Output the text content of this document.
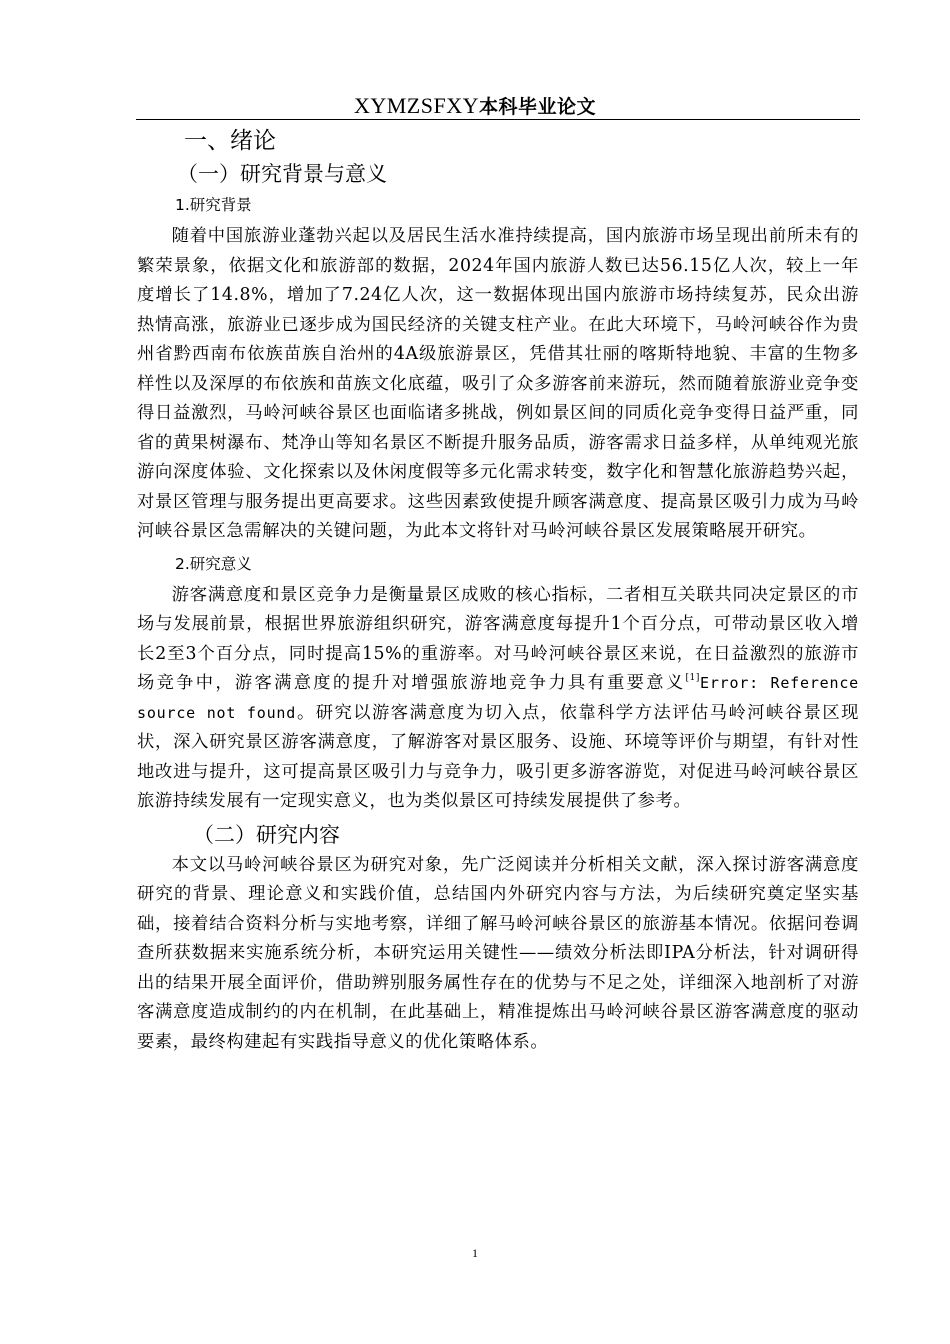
XYMZSFXY本科毕业论文
一、绪论
（一）研究背景与意义
1.研究背景

随着中国旅游业蓬勃兴起以及居民生活水准持续提高，国内旅游市场呈现出前所未有的繁荣景象，依据文化和旅游部的数据，2024年国内旅游人数已达56.15亿人次，较上一年度增长了14.8%，增加了7.24亿人次，这一数据体现出国内旅游市场持续复苏，民众出游热情高涨，旅游业已逐步成为国民经济的关键支柱产业。在此大环境下，马岭河峡谷作为贵州省黔西南布依族苗族自治州的4A级旅游景区，凭借其壮丽的喀斯特地貌、丰富的生物多样性以及深厚的布依族和苗族文化底蕴，吸引了众多游客前来游玩，然而随着旅游业竞争变得日益激烈，马岭河峡谷景区也面临诸多挑战，例如景区间的同质化竞争变得日益严重，同省的黄果树瀑布、梵净山等知名景区不断提升服务品质，游客需求日益多样，从单纯观光旅游向深度体验、文化探索以及休闲度假等多元化需求转变，数字化和智慧化旅游趋势兴起，对景区管理与服务提出更高要求。这些因素致使提升顾客满意度、提高景区吸引力成为马岭河峡谷景区急需解决的关键问题，为此本文将针对马岭河峡谷景区发展策略展开研究。

2.研究意义

游客满意度和景区竞争力是衡量景区成败的核心指标，二者相互关联共同决定景区的市场与发展前景，根据世界旅游组织研究，游客满意度每提升1个百分点，可带动景区收入增长2至3个百分点，同时提高15%的重游率。对马岭河峡谷景区来说，在日益激烈的旅游市场竞争中，游客满意度的提升对增强旅游地竞争力具有重要意义[1]Error: Reference source not found。研究以游客满意度为切入点，依靠科学方法评估马岭河峡谷景区现状，深入研究景区游客满意度，了解游客对景区服务、设施、环境等评价与期望，有针对性地改进与提升，这可提高景区吸引力与竞争力，吸引更多游客游览，对促进马岭河峡谷景区旅游持续发展有一定现实意义，也为类似景区可持续发展提供了参考。

（二）研究内容

本文以马岭河峡谷景区为研究对象，先广泛阅读并分析相关文献，深入探讨游客满意度研究的背景、理论意义和实践价值，总结国内外研究内容与方法，为后续研究奠定坚实基础，接着结合资料分析与实地考察，详细了解马岭河峡谷景区的旅游基本情况。依据问卷调查所获数据来实施系统分析，本研究运用关键性——绩效分析法即IPA分析法，针对调研得出的结果开展全面评价，借助辨别服务属性存在的优势与不足之处，详细深入地剖析了对游客满意度造成制约的内在机制，在此基础上，精准提炼出马岭河峡谷景区游客满意度的驱动要素，最终构建起有实践指导意义的优化策略体系。

1
